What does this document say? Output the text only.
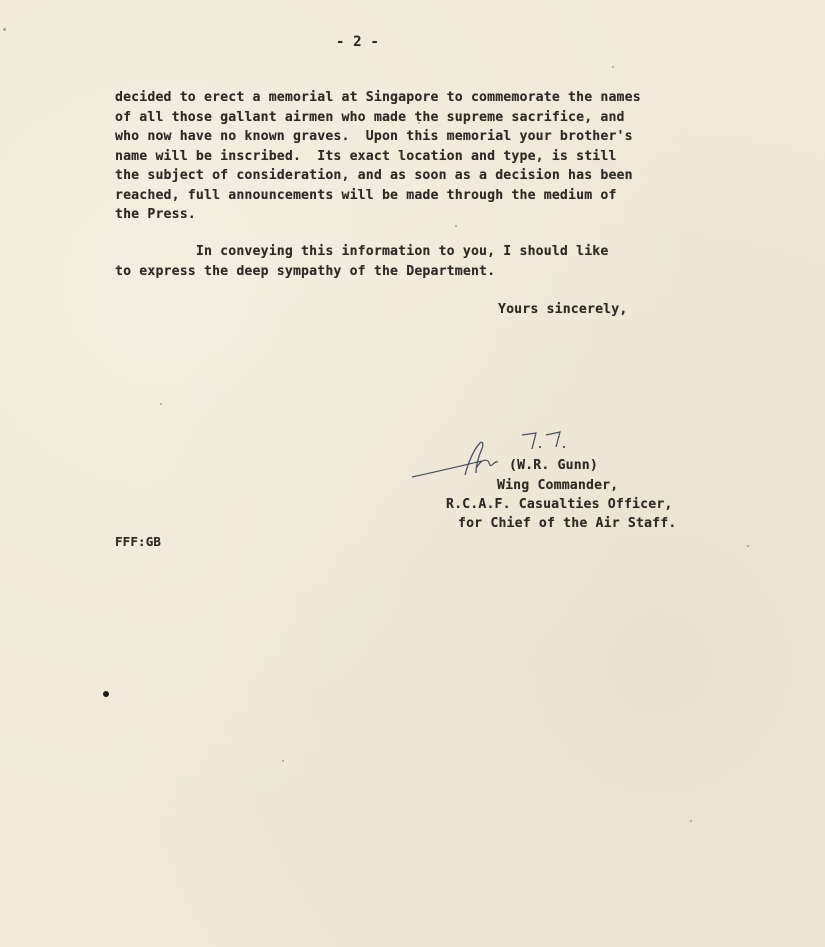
- 2 -
decided to erect a memorial at Singapore to commemorate the names
of all those gallant airmen who made the supreme sacrifice, and
who now have no known graves.  Upon this memorial your brother's
name will be inscribed.  Its exact location and type, is still
the subject of consideration, and as soon as a decision has been
reached, full announcements will be made through the medium of
the Press.
In conveying this information to you, I should like
to express the deep sympathy of the Department.
Yours sincerely,
(W.R. Gunn)
Wing Commander,
R.C.A.F. Casualties Officer,
for Chief of the Air Staff.
FFF:GB
